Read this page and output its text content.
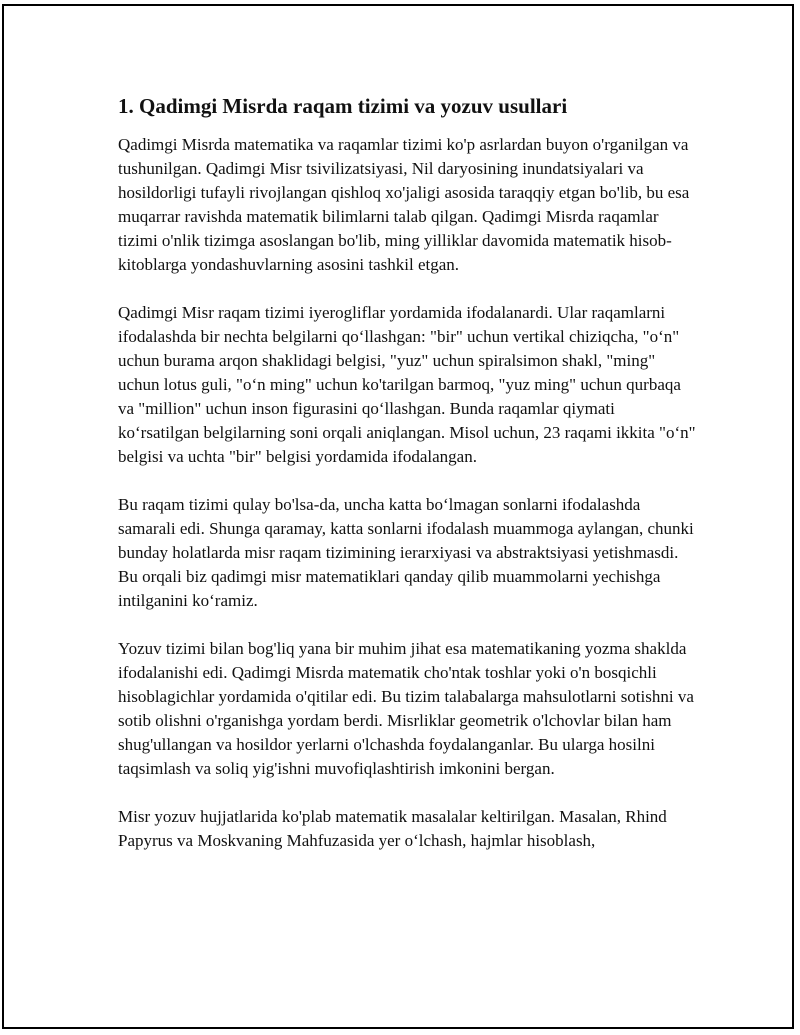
1. Qadimgi Misrda raqam tizimi va yozuv usullari

Qadimgi Misrda matematika va raqamlar tizimi ko'p asrlardan buyon o'rganilgan va tushunilgan. Qadimgi Misr tsivilizatsiyasi, Nil daryosining inundatsiyalari va hosildorligi tufayli rivojlangan qishloq xo'jaligi asosida taraqqiy etgan bo'lib, bu esa muqarrar ravishda matematik bilimlarni talab qilgan. Qadimgi Misrda raqamlar tizimi o'nlik tizimga asoslangan bo'lib, ming yilliklar davomida matematik hisob-kitoblarga yondashuvlarning asosini tashkil etgan.

Qadimgi Misr raqam tizimi iyerogliflar yordamida ifodalanardi. Ular raqamlarni ifodalashda bir nechta belgilarni qo‘llashgan: "bir" uchun vertikal chiziqcha, "o‘n" uchun burama arqon shaklidagi belgisi, "yuz" uchun spiralsimon shakl, "ming" uchun lotus guli, "o‘n ming" uchun ko'tarilgan barmoq, "yuz ming" uchun qurbaqa va "million" uchun inson figurasini qo‘llashgan. Bunda raqamlar qiymati ko‘rsatilgan belgilarning soni orqali aniqlangan. Misol uchun, 23 raqami ikkita "o‘n" belgisi va uchta "bir" belgisi yordamida ifodalangan.

Bu raqam tizimi qulay bo'lsa-da, uncha katta bo‘lmagan sonlarni ifodalashda samarali edi. Shunga qaramay, katta sonlarni ifodalash muammoga aylangan, chunki bunday holatlarda misr raqam tizimining ierarxiyasi va abstraktsiyasi yetishmasdi. Bu orqali biz qadimgi misr matematiklari qanday qilib muammolarni yechishga intilganini ko‘ramiz.

Yozuv tizimi bilan bog'liq yana bir muhim jihat esa matematikaning yozma shaklda ifodalanishi edi. Qadimgi Misrda matematik cho'ntak toshlar yoki o'n bosqichli hisoblagichlar yordamida o'qitilar edi. Bu tizim talabalarga mahsulotlarni sotishni va sotib olishni o'rganishga yordam berdi. Misrliklar geometrik o'lchovlar bilan ham shug'ullangan va hosildor yerlarni o'lchashda foydalanganlar. Bu ularga hosilni taqsimlash va soliq yig'ishni muvofiqlashtirish imkonini bergan.

Misr yozuv hujjatlarida ko'plab matematik masalalar keltirilgan. Masalan, Rhind Papyrus va Moskvaning Mahfuzasida yer o‘lchash, hajmlar hisoblash,
